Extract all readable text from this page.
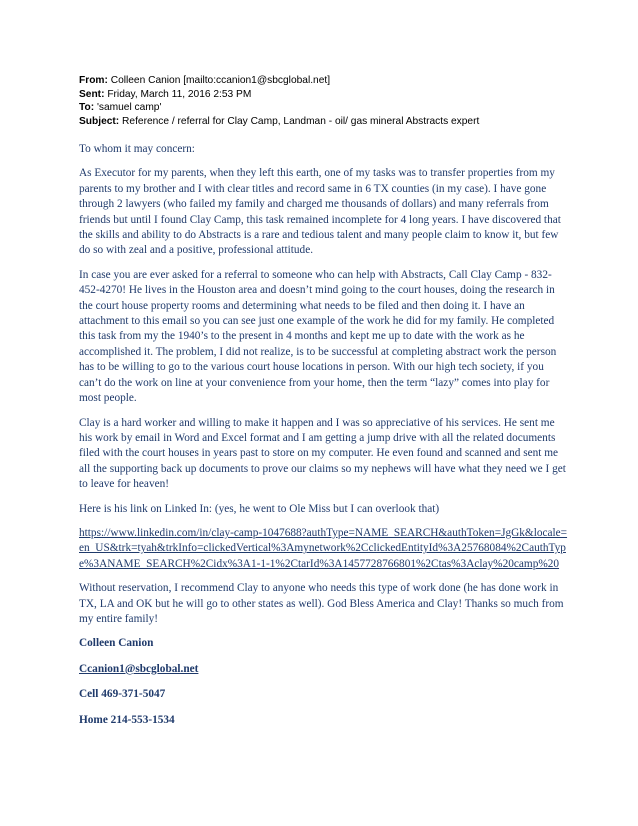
From: Colleen Canion [mailto:ccanion1@sbcglobal.net]
Sent: Friday, March 11, 2016 2:53 PM
To: 'samuel camp'
Subject: Reference / referral for Clay Camp, Landman - oil/ gas mineral Abstracts expert

To whom it may concern:

As Executor for my parents, when they left this earth, one of my tasks was to transfer properties from my parents to my brother and I with clear titles and record same in 6 TX counties (in my case). I have gone through 2 lawyers (who failed my family and charged me thousands of dollars) and many referrals from friends but until I found Clay Camp, this task remained incomplete for 4 long years. I have discovered that the skills and ability to do Abstracts is a rare and tedious talent and many people claim to know it, but few do so with zeal and a positive, professional attitude.

In case you are ever asked for a referral to someone who can help with Abstracts, Call Clay Camp - 832-452-4270! He lives in the Houston area and doesn’t mind going to the court houses, doing the research in the court house property rooms and determining what needs to be filed and then doing it. I have an attachment to this email so you can see just one example of the work he did for my family. He completed this task from my the 1940’s to the present in 4 months and kept me up to date with the work as he accomplished it. The problem, I did not realize, is to be successful at completing abstract work the person has to be willing to go to the various court house locations in person. With our high tech society, if you can’t do the work on line at your convenience from your home, then the term “lazy” comes into play for most people.

Clay is a hard worker and willing to make it happen and I was so appreciative of his services. He sent me his work by email in Word and Excel format and I am getting a jump drive with all the related documents filed with the court houses in years past to store on my computer. He even found and scanned and sent me all the supporting back up documents to prove our claims so my nephews will have what they need we I get to leave for heaven!

Here is his link on Linked In: (yes, he went to Ole Miss but I can overlook that)

https://www.linkedin.com/in/clay-camp-1047688?authType=NAME_SEARCH&authToken=JgGk&locale=en_US&trk=tyah&trkInfo=clickedVertical%3Amynetwork%2CclickedEntityId%3A25768084%2CauthType%3ANAME_SEARCH%2Cidx%3A1-1-1%2CtarId%3A1457728766801%2Ctas%3Aclay%20camp%20

Without reservation, I recommend Clay to anyone who needs this type of work done (he has done work in TX, LA and OK but he will go to other states as well). God Bless America and Clay! Thanks so much from my entire family!

Colleen Canion

Ccanion1@sbcglobal.net

Cell 469-371-5047

Home 214-553-1534
